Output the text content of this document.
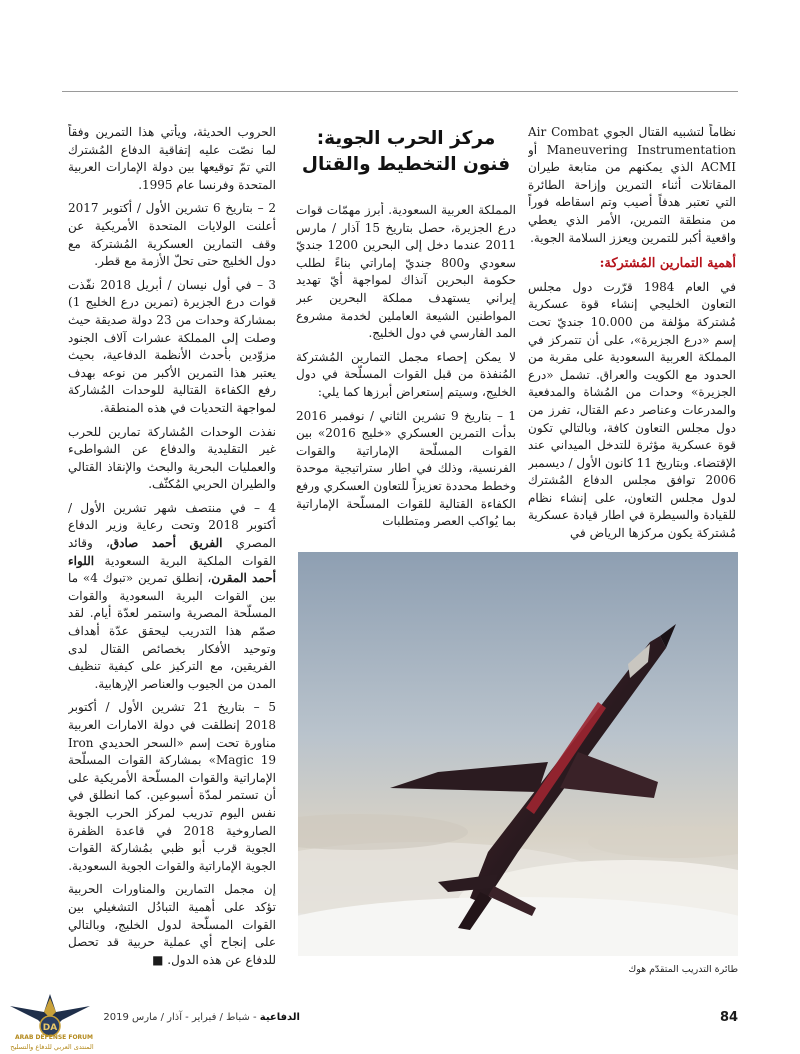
نظاماً لتشبيه القتال الجوي Air Combat Maneuvering Instrumentation أو ACMI الذي يمكنهم من متابعة طيران المقاتلات أثناء التمرين وإزاحة الطائرة التي تعتبر هدفاً أصيب وتم اسقاطه فوراً من منطقة التمرين، الأمر الذي يعطي واقعية أكبر للتمرين ويعزز السلامة الجوية.

أهمية التمارين المُشتركة:

في العام 1984 قرّرت دول مجلس التعاون الخليجي إنشاء قوة عسكرية مُشتركة مؤلفة من 10.000 جنديّ تحت إسم «درع الجزيرة»، على أن تتمركز في المملكة العربية السعودية على مقربة من الحدود مع الكويت والعراق. تشمل «درع الجزيرة» وحدات من المُشاة والمدفعية والمدرعات وعناصر دعم القتال، تفرز من دول مجلس التعاون كافة، وبالتالي تكون قوة عسكرية مؤثرة للتدخل الميداني عند الإقتضاء. وبتاريخ 11 كانون الأول / ديسمبر 2006 توافق مجلس الدفاع المُشترك لدول مجلس التعاون، على إنشاء نظام للقيادة والسيطرة في اطار قيادة عسكرية مُشتركة يكون مركزها الرياض في

مركز الحرب الجوية:
فنون التخطيط والقتال

المملكة العربية السعودية. أبرز مهمّات قوات درع الجزيرة، حصل بتاريخ 15 آذار / مارس 2011 عندما دخل إلى البحرين 1200 جنديّ سعودي و800 جنديّ إماراتي بناءً لطلب حكومة البحرين آنذاك لمواجهة أيّ تهديد إيراني يستهدف مملكة البحرين عبر المواطنين الشيعة العاملين لخدمة مشروع المد الفارسي في دول الخليج.

لا يمكن إحصاء مجمل التمارين المُشتركة المُنفذة من قبل القوات المسلّحة في دول الخليج، وسيتم إستعراض أبرزها كما يلي:

1 – بتاريخ 9 تشرين الثاني / نوفمبر 2016 بدأت التمرين العسكري «خليج 2016» بين القوات المسلّحة الإماراتية والقوات الفرنسية، وذلك في اطار ستراتيجية موحدة وخطط محددة تعزيزاً للتعاون العسكري ورفع الكفاءة القتالية للقوات المسلّحة الإماراتية بما يُواكب العصر ومتطلبات

الحروب الحديثة، ويأتي هذا التمرين وفقاً لما نصّت عليه إتفاقية الدفاع المُشترك التي تمّ توقيعها بين دولة الإمارات العربية المتحدة وفرنسا عام 1995.

2 – بتاريخ 6 تشرين الأول / أكتوبر 2017 أعلنت الولايات المتحدة الأمريكية عن وقف التمارين العسكرية المُشتركة مع دول الخليج حتى تحلّ الأزمة مع قطر.

3 – في أول نيسان / أبريل 2018 نفّذت قوات درع الجزيرة (تمرين درع الخليج 1) بمشاركة وحدات من 23 دولة صديقة حيث وصلت إلى المملكة عشرات آلاف الجنود مزوّدين بأحدث الأنظمة الدفاعية، بحيث يعتبر هذا التمرين الأكبر من نوعه بهدف رفع الكفاءة القتالية للوحدات المُشاركة لمواجهة التحديات في هذه المنطقة.

نفذت الوحدات المُشاركة تمارين للحرب غير التقليدية والدفاع عن الشواطىء والعمليات البحرية والبحث والإنقاذ القتالي والطيران الحربي المُكثّف.

4 – في منتصف شهر تشرين الأول / أكتوبر 2018 وتحت رعاية وزير الدفاع المصري الفريق أحمد صادق، وقائد القوات الملكية البرية السعودية اللواء أحمد المقرن، إنطلق تمرين «تبوك 4» ما بين القوات البرية السعودية والقوات المسلّحة المصرية واستمر لعدّة أيام. لقد صمّم هذا التدريب ليحقق عدّة أهداف وتوحيد الأفكار بخصائص القتال لدى الفريقين، مع التركيز على كيفية تنظيف المدن من الجيوب والعناصر الإرهابية.

5 – بتاريخ 21 تشرين الأول / أكتوبر 2018 إنطلقت في دولة الامارات العربية مناورة تحت إسم «السحر الحديدي Iron Magic 19» بمشاركة القوات المسلّحة الإماراتية والقوات المسلّحة الأمريكية على أن تستمر لمدّة أسبوعين. كما انطلق في نفس اليوم تدريب لمركز الحرب الجوية الصاروخية 2018 في قاعدة الظفرة الجوية قرب أبو ظبي بمُشاركة القوات الجوية الإماراتية والقوات الجوية السعودية.

إن مجمل التمارين والمناورات الحربية تؤكد على أهمية التبادُل التشغيلي بين القوات المسلّحة لدول الخليج، وبالتالي على إنجاح أي عملية حربية قد تحصل للدفاع عن هذه الدول. ■

طائرة التدريب المتقدّم هوك
84
الدفاعية - شباط / فبراير - آذار / مارس 2019
DA
ARAB DEFENSE FORUM
المنتدى العربي للدفاع والتسليح
